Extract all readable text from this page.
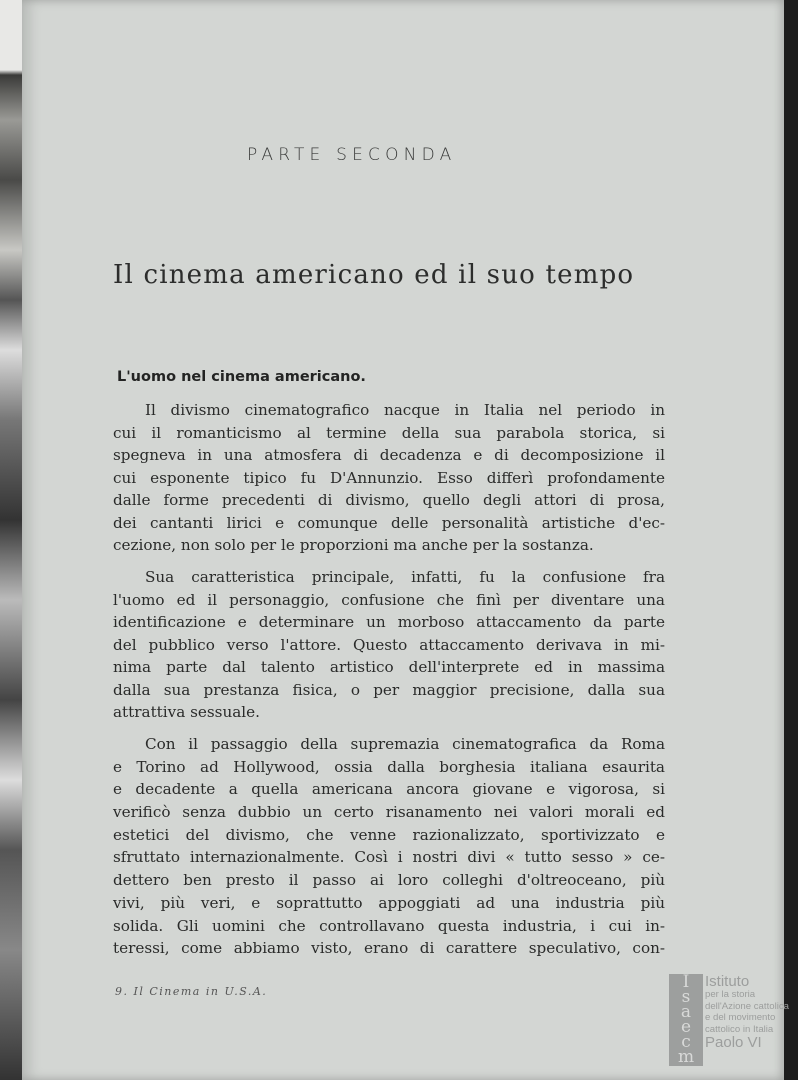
PARTE SECONDA
Il cinema americano ed il suo tempo
L'uomo nel cinema americano.
Il divismo cinematografico nacque in Italia nel periodo in
cui il romanticismo al termine della sua parabola storica, si
spegneva in una atmosfera di decadenza e di decomposizione il
cui esponente tipico fu D'Annunzio. Esso differì profondamente
dalle forme precedenti di divismo, quello degli attori di prosa,
dei cantanti lirici e comunque delle personalità artistiche d'ec-
cezione, non solo per le proporzioni ma anche per la sostanza.
Sua caratteristica principale, infatti, fu la confusione fra
l'uomo ed il personaggio, confusione che finì per diventare una
identificazione e determinare un morboso attaccamento da parte
del pubblico verso l'attore. Questo attaccamento derivava in mi-
nima parte dal talento artistico dell'interprete ed in massima
dalla sua prestanza fisica, o per maggior precisione, dalla sua
attrattiva sessuale.
Con il passaggio della supremazia cinematografica da Roma
e Torino ad Hollywood, ossia dalla borghesia italiana esaurita
e decadente a quella americana ancora giovane e vigorosa, si
verificò senza dubbio un certo risanamento nei valori morali ed
estetici del divismo, che venne razionalizzato, sportivizzato e
sfruttato internazionalmente. Così i nostri divi « tutto sesso » ce-
dettero ben presto il passo ai loro colleghi d'oltreoceano, più
vivi, più veri, e soprattutto appoggiati ad una industria più
solida. Gli uomini che controllavano questa industria, i cui in-
teressi, come abbiamo visto, erano di carattere speculativo, con-
9. Il Cinema in U.S.A.	I
s
a
e
c
m
Istituto
per la storia
dell'Azione cattolica
e del movimento
cattolico in Italia
Paolo VI
